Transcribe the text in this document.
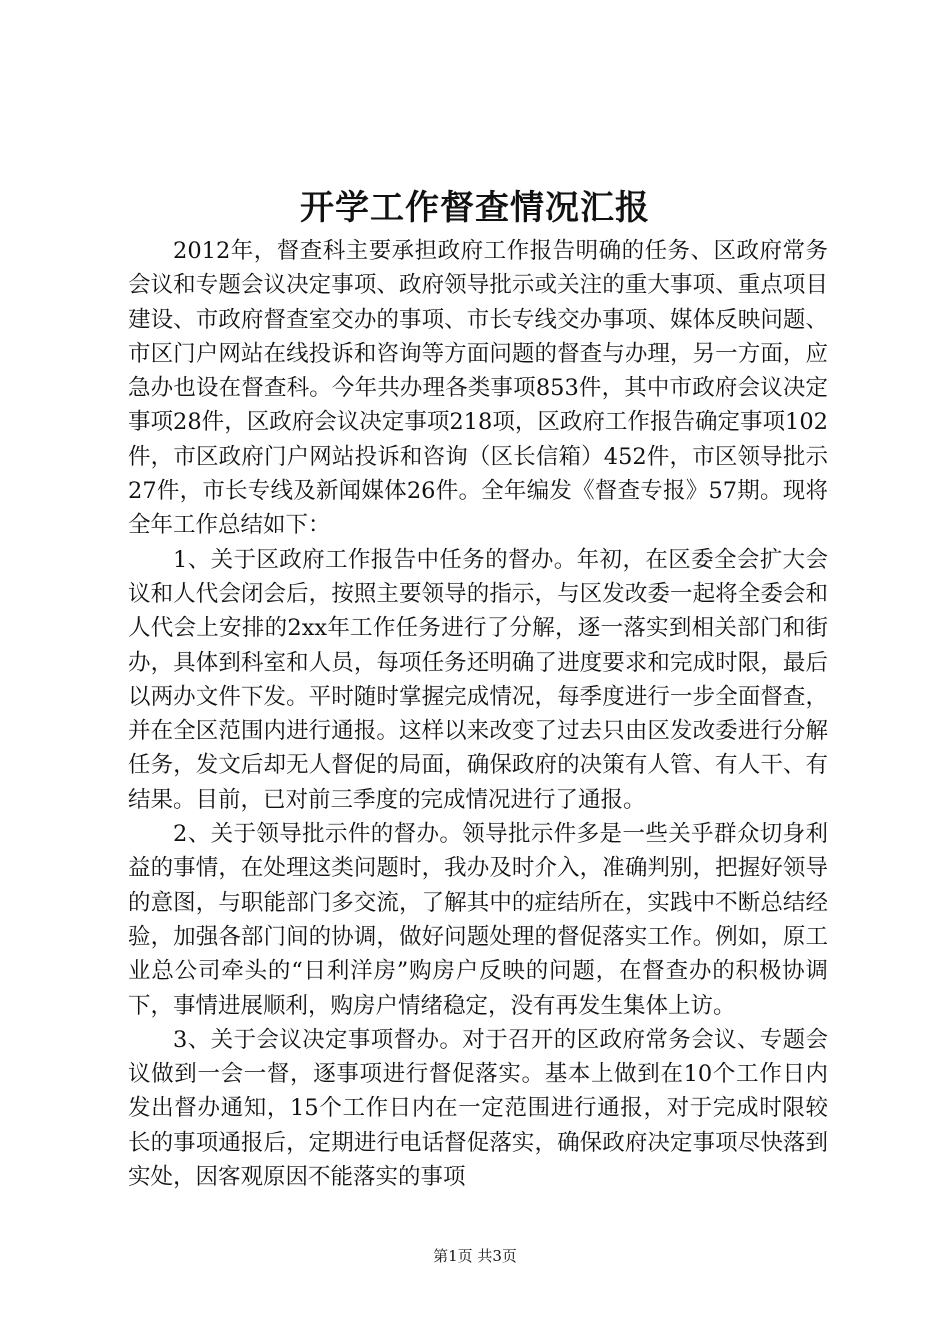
开学工作督查情况汇报

2012年，督查科主要承担政府工作报告明确的任务、区政府常务会议和专题会议决定事项、政府领导批示或关注的重大事项、重点项目建设、市政府督查室交办的事项、市长专线交办事项、媒体反映问题、市区门户网站在线投诉和咨询等方面问题的督查与办理，另一方面，应急办也设在督查科。今年共办理各类事项853件，其中市政府会议决定事项28件，区政府会议决定事项218项，区政府工作报告确定事项102件，市区政府门户网站投诉和咨询（区长信箱）452件，市区领导批示27件，市长专线及新闻媒体26件。全年编发《督查专报》57期。现将全年工作总结如下：

1、关于区政府工作报告中任务的督办。年初，在区委全会扩大会议和人代会闭会后，按照主要领导的指示，与区发改委一起将全委会和人代会上安排的2xx年工作任务进行了分解，逐一落实到相关部门和街办，具体到科室和人员，每项任务还明确了进度要求和完成时限，最后以两办文件下发。平时随时掌握完成情况，每季度进行一步全面督查，并在全区范围内进行通报。这样以来改变了过去只由区发改委进行分解任务，发文后却无人督促的局面，确保政府的决策有人管、有人干、有结果。目前，已对前三季度的完成情况进行了通报。

2、关于领导批示件的督办。领导批示件多是一些关乎群众切身利益的事情，在处理这类问题时，我办及时介入，准确判别，把握好领导的意图，与职能部门多交流，了解其中的症结所在，实践中不断总结经验，加强各部门间的协调，做好问题处理的督促落实工作。例如，原工业总公司牵头的“日利洋房”购房户反映的问题，在督查办的积极协调下，事情进展顺利，购房户情绪稳定，没有再发生集体上访。

3、关于会议决定事项督办。对于召开的区政府常务会议、专题会议做到一会一督，逐事项进行督促落实。基本上做到在10个工作日内发出督办通知，15个工作日内在一定范围进行通报，对于完成时限较长的事项通报后，定期进行电话督促落实，确保政府决定事项尽快落到实处，因客观原因不能落实的事项

第1页 共3页
